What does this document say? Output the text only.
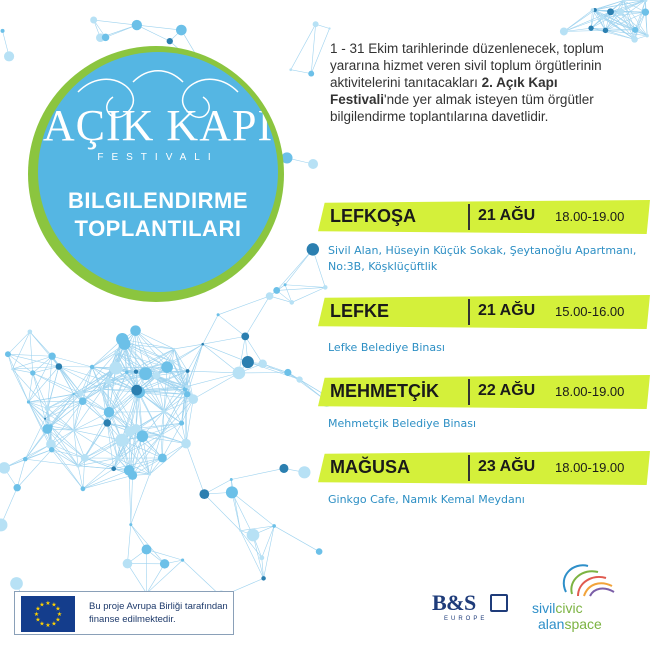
AÇIK KAPI
FESTIVALI
BILGILENDIRME
TOPLANTILARI
1 - 31 Ekim tarihlerinde düzenlenecek, toplum yararına hizmet veren sivil toplum örgütlerinin aktivitelerini tanıtacakları 2. Açık Kapı Festivali'nde yer almak isteyen tüm örgütler bilgilendirme toplantılarına davetlidir.
LEFKOŞA	21 AĞU 18.00-19.00
Sivil Alan, Hüseyin Küçük Sokak, Şeytanoğlu Apartmanı, No:3B, Köşklüçüftlik
LEFKE	21 AĞU 15.00-16.00
Lefke Belediye Binası
MEHMETÇİK 22 AĞU 18.00-19.00
Mehmetçik Belediye Binası
MAĞUSA	23 AĞU 18.00-19.00
Ginkgo Cafe, Namık Kemal Meydanı
★ ★
★
★
★
★
★
★
★
★
★
★	Bu proje Avrupa Birliği tarafından finanse edilmektedir.
B&S
EUROPE
sivilcivic
alanspace
